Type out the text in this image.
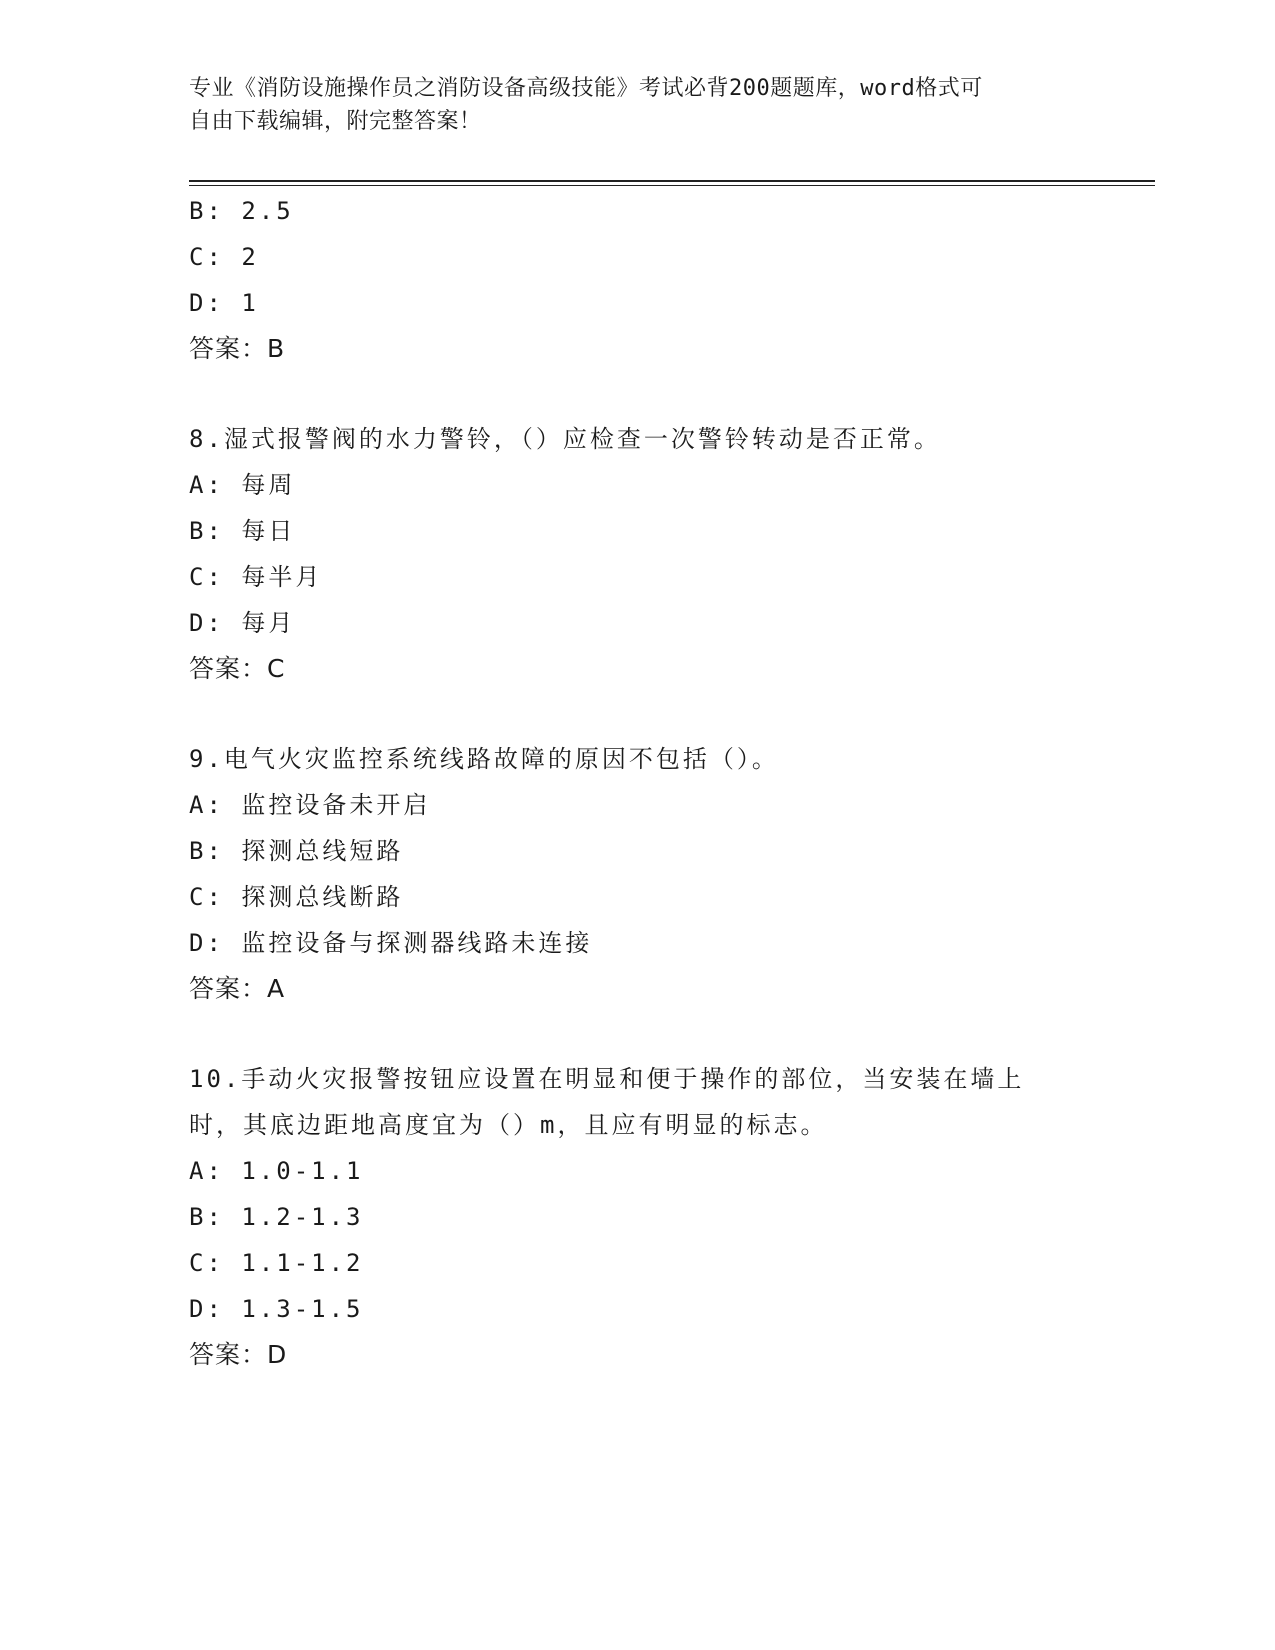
专业《消防设施操作员之消防设备高级技能》考试必背200题题库，word格式可
自由下载编辑，附完整答案！
B: 2.5
C: 2
D: 1
答案：B
8.湿式报警阀的水力警铃，（）应检查一次警铃转动是否正常。
A: 每周
B: 每日
C: 每半月
D: 每月
答案：C
9.电气火灾监控系统线路故障的原因不包括（）。
A: 监控设备未开启
B: 探测总线短路
C: 探测总线断路
D: 监控设备与探测器线路未连接
答案：A
10.手动火灾报警按钮应设置在明显和便于操作的部位，当安装在墙上
时，其底边距地高度宜为（）m，且应有明显的标志。
A: 1.0-1.1
B: 1.2-1.3
C: 1.1-1.2
D: 1.3-1.5
答案：D
